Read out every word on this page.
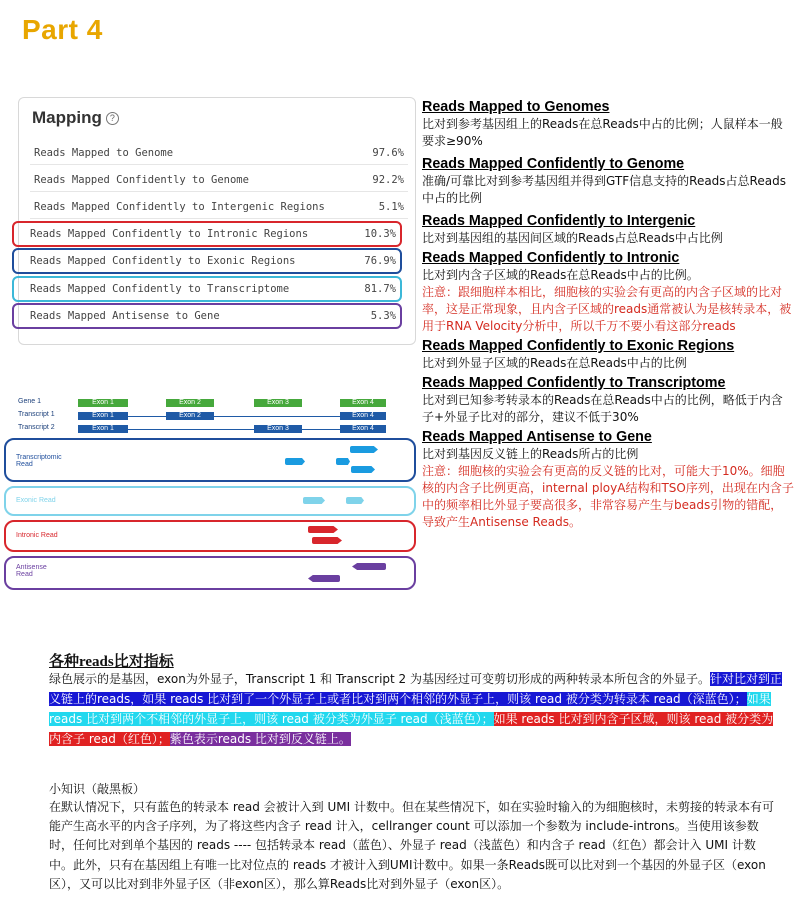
Part 4
Mapping ?
Reads Mapped to Genome	97.6%
Reads Mapped Confidently to Genome	92.2%
Reads Mapped Confidently to Intergenic Regions	5.1%
Reads Mapped Confidently to Intronic Regions	10.3%
Reads Mapped Confidently to Exonic Regions	76.9%
Reads Mapped Confidently to Transcriptome	81.7%
Reads Mapped Antisense to Gene	5.3%
Gene 1
Transcript 1
Transcript 2
Exon 1	Exon 2	Exon 3	Exon 4
Exon 1	Exon 2	Exon 4
Exon 1	Exon 3	Exon 4
Transcriptomic
Read
Exonic Read
Intronic Read
Antisense
Read
Reads Mapped to Genomes
比对到参考基因组上的Reads在总Reads中占的比例；人鼠样本一般要求≥90%
Reads Mapped Confidently to Genome
准确/可靠比对到参考基因组并得到GTF信息支持的Reads占总Reads中占的比例
Reads Mapped Confidently to Intergenic
比对到基因组的基因间区域的Reads占总Reads中占比例
Reads Mapped Confidently to Intronic
比对到内含子区域的Reads在总Reads中占的比例。
注意：跟细胞样本相比，细胞核的实验会有更高的内含子区域的比对率，这是正常现象，且内含子区域的reads通常被认为是核转录本，被用于RNA Velocity分析中，所以千万不要小看这部分reads
Reads Mapped Confidently to Exonic Regions
比对到外显子区域的Reads在总Reads中占的比例
Reads Mapped Confidently to Transcriptome
比对到已知参考转录本的Reads在总Reads中占的比例，略低于内含子+外显子比对的部分，建议不低于30%
Reads Mapped Antisense to Gene
比对到基因反义链上的Reads所占的比例
注意：细胞核的实验会有更高的反义链的比对，可能大于10%。细胞核的内含子比例更高，internal ployA结构和TSO序列，出现在内含子中的频率相比外显子要高很多，非常容易产生与beads引物的错配，导致产生Antisense Reads。
各种reads比对指标
绿色展示的是基因，exon为外显子，Transcript 1 和 Transcript 2 为基因经过可变剪切形成的两种转录本所包含的外显子。针对比对到正义链上的reads，如果 reads 比对到了一个外显子上或者比对到两个相邻的外显子上，则该 read 被分类为转录本 read（深蓝色）；如果 reads 比对到两个不相邻的外显子上，则该 read 被分类为外显子 read（浅蓝色）；如果 reads 比对到内含子区域，则该 read 被分类为内含子 read（红色）；紫色表示reads 比对到反义链上。
小知识（敲黑板）
在默认情况下，只有蓝色的转录本 read 会被计入到 UMI 计数中。但在某些情况下，如在实验时输入的为细胞核时，未剪接的转录本有可能产生高水平的内含子序列，为了将这些内含子 read 计入，cellranger count 可以添加一个参数为 include-introns。当使用该参数时，任何比对到单个基因的 reads ---- 包括转录本 read（蓝色）、外显子 read（浅蓝色）和内含子 read（红色）都会计入 UMI 计数中。此外，只有在基因组上有唯一比对位点的 reads 才被计入到UMI计数中。如果一条Reads既可以比对到一个基因的外显子区（exon区），又可以比对到非外显子区（非exon区），那么算Reads比对到外显子（exon区）。
